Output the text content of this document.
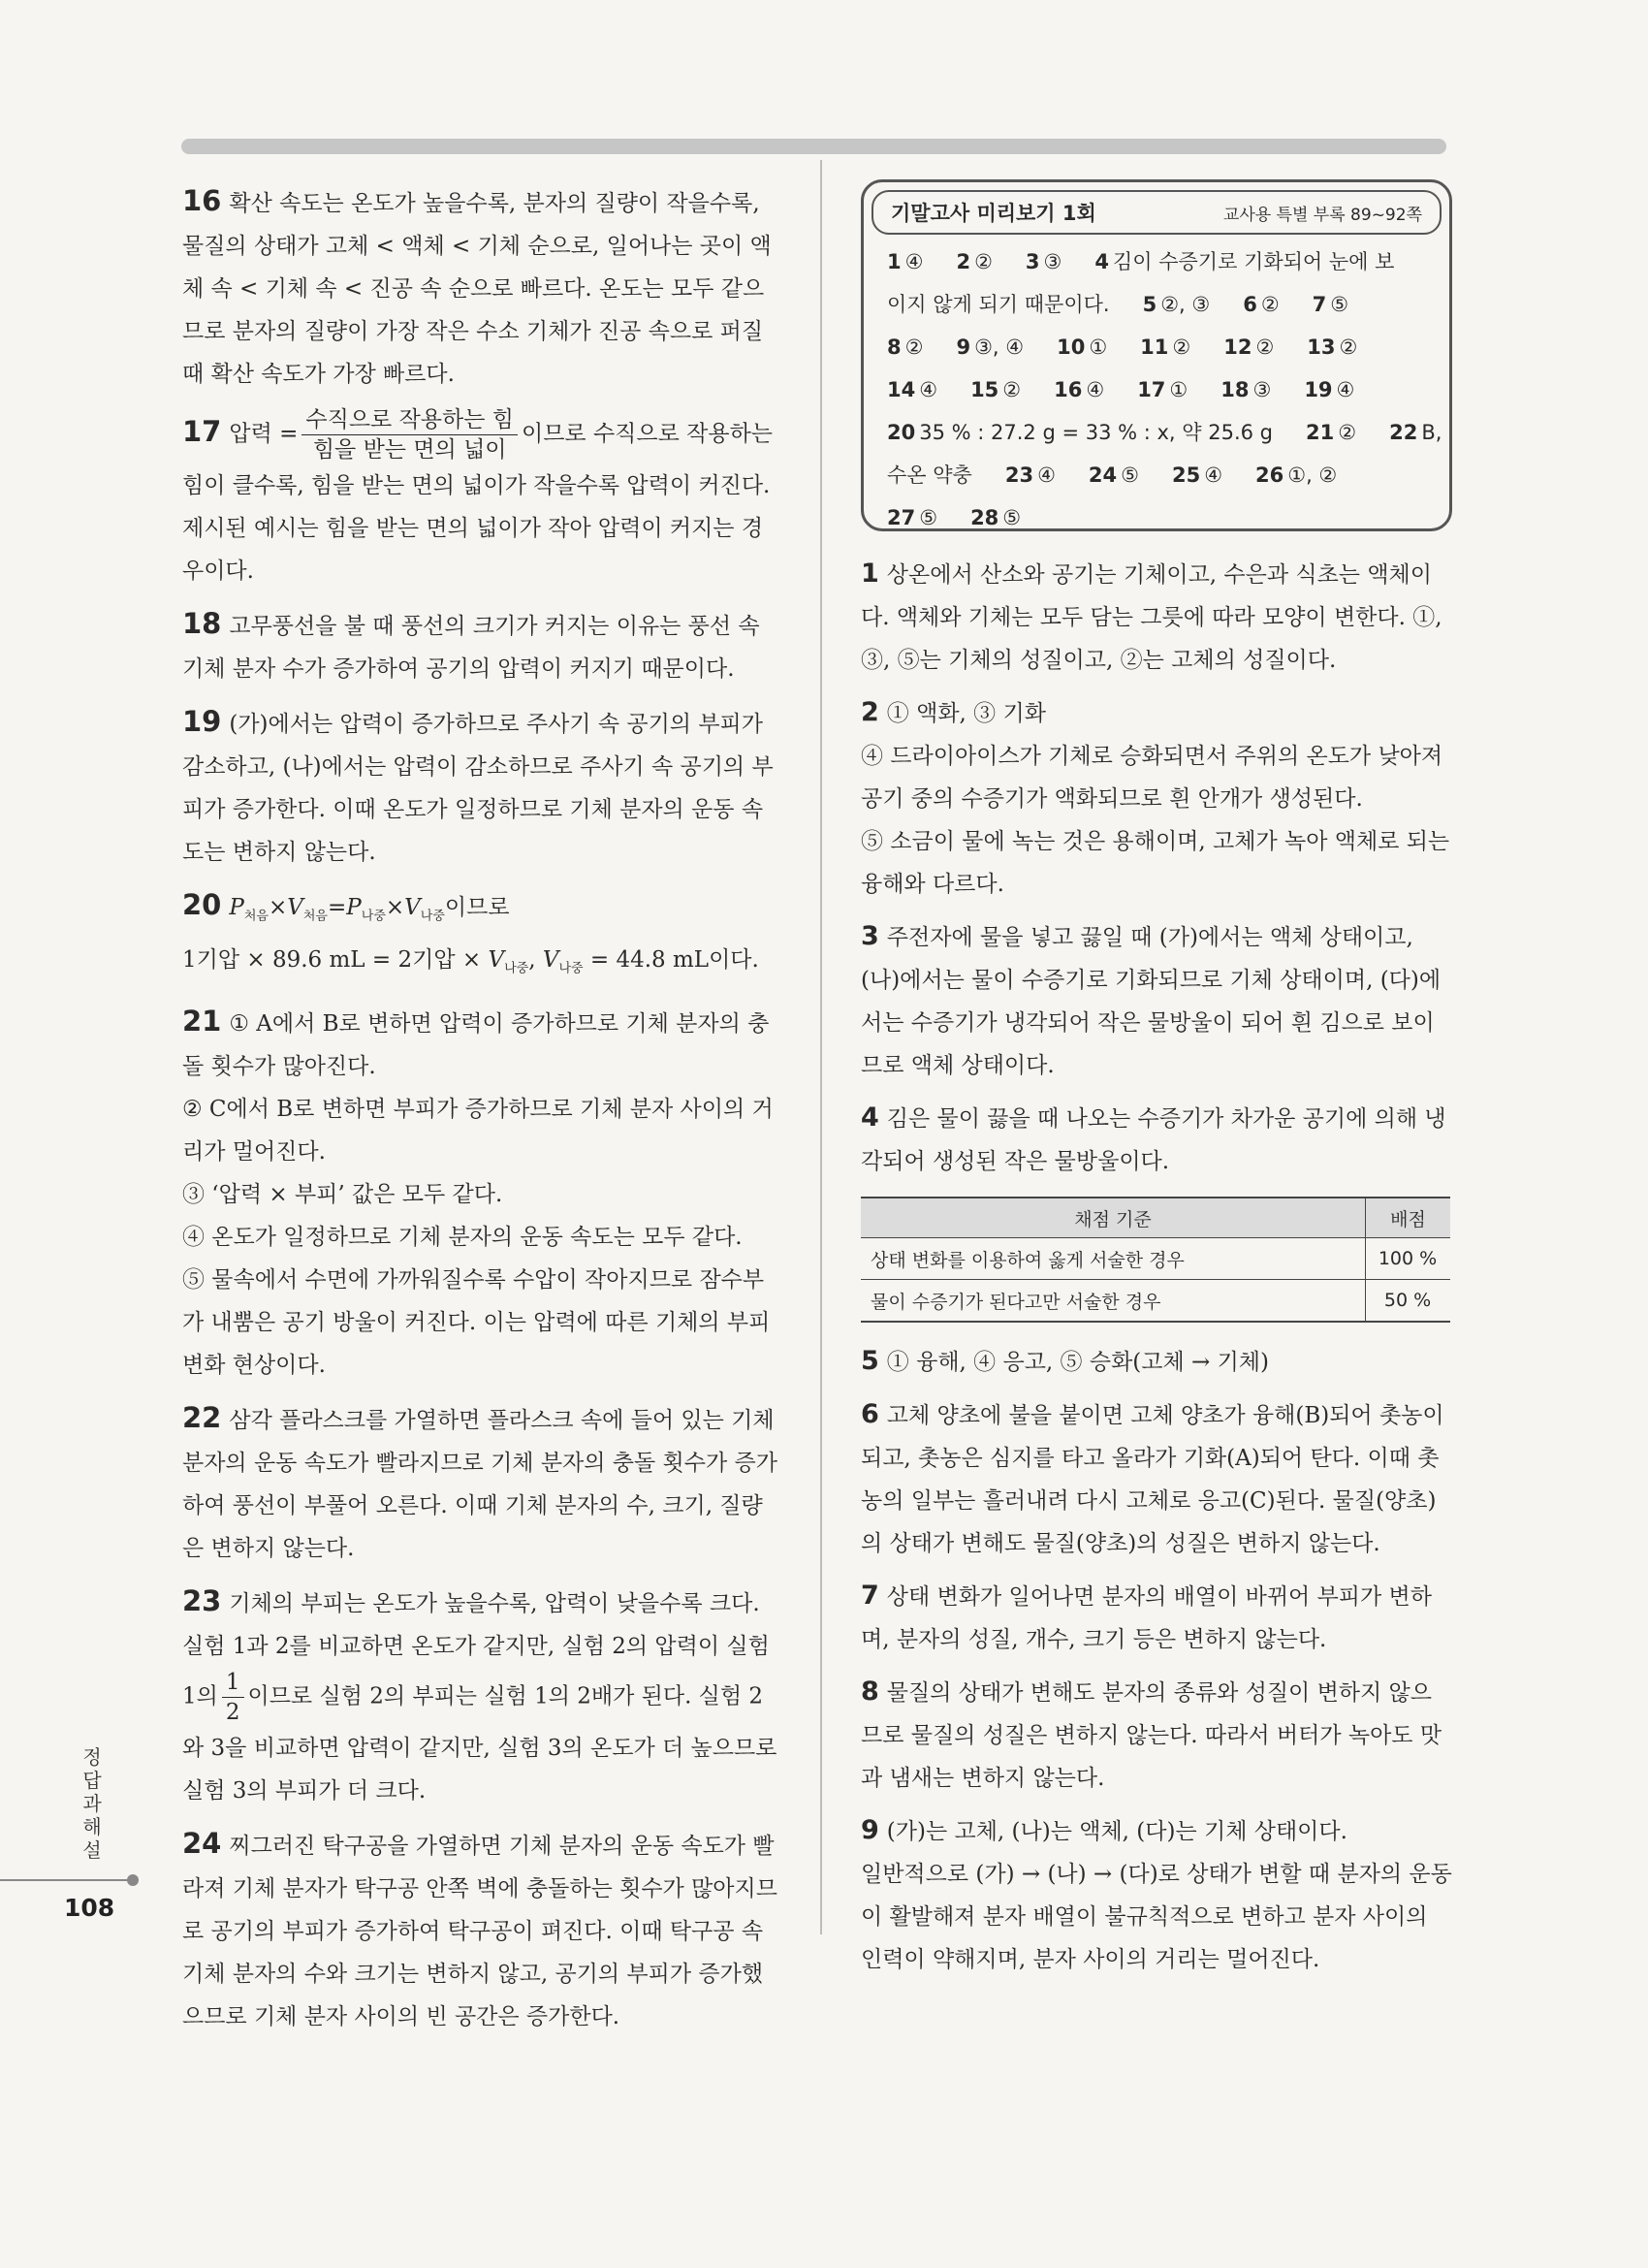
16 확산 속도는 온도가 높을수록, 분자의 질량이 작을수록, 물질의 상태가 고체 < 액체 < 기체 순으로, 일어나는 곳이 액체 속 < 기체 속 < 진공 속 순으로 빠르다. 온도는 모두 같으므로 분자의 질량이 가장 작은 수소 기체가 진공 속으로 퍼질 때 확산 속도가 가장 빠르다.

17 압력 = $\frac{\text{수직으로 작용하는 힘}}{\text{힘을 받는 면의 넓이}}$ 이므로 수직으로 작용하는 힘이 클수록, 힘을 받는 면의 넓이가 작을수록 압력이 커진다. 제시된 예시는 힘을 받는 면의 넓이가 작아 압력이 커지는 경우이다.

18 고무풍선을 불 때 풍선의 크기가 커지는 이유는 풍선 속 기체 분자 수가 증가하여 공기의 압력이 커지기 때문이다.

19 (가)에서는 압력이 증가하므로 주사기 속 공기의 부피가 감소하고, (나)에서는 압력이 감소하므로 주사기 속 공기의 부피가 증가한다. 이때 온도가 일정하므로 기체 분자의 운동 속도는 변하지 않는다.

20 $P_{처음}\times V_{처음}=P_{나중}\times V_{나중}$이므로

1기압 × 89.6 mL = 2기압 × $V_{나중}$, $V_{나중} = 44.8$ mL이다.

21 ① A에서 B로 변하면 압력이 증가하므로 기체 분자의 충돌 횟수가 많아진다.

② C에서 B로 변하면 부피가 증가하므로 기체 분자 사이의 거리가 멀어진다.

③ ‘압력 × 부피’ 값은 모두 같다.

④ 온도가 일정하므로 기체 분자의 운동 속도는 모두 같다.

⑤ 물속에서 수면에 가까워질수록 수압이 작아지므로 잠수부가 내뿜은 공기 방울이 커진다. 이는 압력에 따른 기체의 부피 변화 현상이다.

22 삼각 플라스크를 가열하면 플라스크 속에 들어 있는 기체 분자의 운동 속도가 빨라지므로 기체 분자의 충돌 횟수가 증가하여 풍선이 부풀어 오른다. 이때 기체 분자의 수, 크기, 질량은 변하지 않는다.

23 기체의 부피는 온도가 높을수록, 압력이 낮을수록 크다. 실험 1과 2를 비교하면 온도가 같지만, 실험 2의 압력이 실험 1의 $\frac{1}{2}$ 이므로 실험 2의 부피는 실험 1의 2배가 된다. 실험 2와 3을 비교하면 압력이 같지만, 실험 3의 온도가 더 높으므로 실험 3의 부피가 더 크다.

24 찌그러진 탁구공을 가열하면 기체 분자의 운동 속도가 빨라져 기체 분자가 탁구공 안쪽 벽에 충돌하는 횟수가 많아지므로 공기의 부피가 증가하여 탁구공이 펴진다. 이때 탁구공 속 기체 분자의 수와 크기는 변하지 않고, 공기의 부피가 증가했으므로 기체 분자 사이의 빈 공간은 증가한다.

기말고사 미리보기 1회	교사용 특별 부록 89~92쪽
1 ④ 2 ② 3 ③ 4 김이 수증기로 기화되어 눈에 보
이지 않게 되기 때문이다. 5 ②, ③ 6 ② 7 ⑤
8 ② 9 ③, ④ 10 ① 11 ② 12 ② 13 ②
14 ④ 15 ② 16 ④ 17 ① 18 ③ 19 ④
20 35 % : 27.2 g = 33 % : x, 약 25.6 g 21 ② 22 B,
수온 약충 23 ④ 24 ⑤ 25 ④ 26 ①, ②
27 ⑤ 28 ⑤

1 상온에서 산소와 공기는 기체이고, 수은과 식초는 액체이다. 액체와 기체는 모두 담는 그릇에 따라 모양이 변한다. ①, ③, ⑤는 기체의 성질이고, ②는 고체의 성질이다.

2 ① 액화, ③ 기화

④ 드라이아이스가 기체로 승화되면서 주위의 온도가 낮아져 공기 중의 수증기가 액화되므로 흰 안개가 생성된다.

⑤ 소금이 물에 녹는 것은 용해이며, 고체가 녹아 액체로 되는 융해와 다르다.

3 주전자에 물을 넣고 끓일 때 (가)에서는 액체 상태이고, (나)에서는 물이 수증기로 기화되므로 기체 상태이며, (다)에서는 수증기가 냉각되어 작은 물방울이 되어 흰 김으로 보이므로 액체 상태이다.

4 김은 물이 끓을 때 나오는 수증기가 차가운 공기에 의해 냉각되어 생성된 작은 물방울이다.

채점 기준	배점
상태 변화를 이용하여 옳게 서술한 경우	100 %
물이 수증기가 된다고만 서술한 경우	50 %

5 ① 융해, ④ 응고, ⑤ 승화(고체 → 기체)

6 고체 양초에 불을 붙이면 고체 양초가 융해(B)되어 촛농이 되고, 촛농은 심지를 타고 올라가 기화(A)되어 탄다. 이때 촛농의 일부는 흘러내려 다시 고체로 응고(C)된다. 물질(양초)의 상태가 변해도 물질(양초)의 성질은 변하지 않는다.

7 상태 변화가 일어나면 분자의 배열이 바뀌어 부피가 변하며, 분자의 성질, 개수, 크기 등은 변하지 않는다.

8 물질의 상태가 변해도 분자의 종류와 성질이 변하지 않으므로 물질의 성질은 변하지 않는다. 따라서 버터가 녹아도 맛과 냄새는 변하지 않는다.

9 (가)는 고체, (나)는 액체, (다)는 기체 상태이다.

일반적으로 (가) → (나) → (다)로 상태가 변할 때 분자의 운동이 활발해져 분자 배열이 불규칙적으로 변하고 분자 사이의 인력이 약해지며, 분자 사이의 거리는 멀어진다.

정답과 해설
108
